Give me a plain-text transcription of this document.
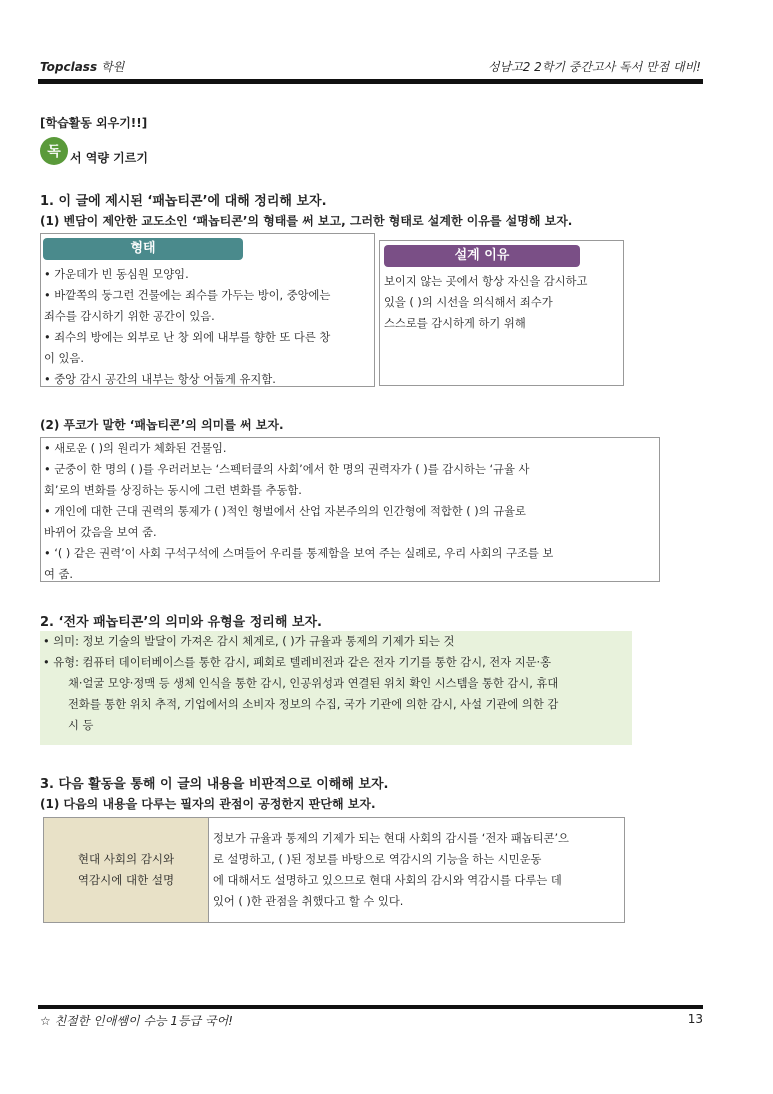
Topclass 학원	성남고2 2학기 중간고사 독서 만점 대비!
[학습활동 외우기!!]
독 서 역량 기르기
1. 이 글에 제시된 ‘패놉티콘’에 대해 정리해 보자.
(1) 벤담이 제안한 교도소인 ‘패놉티콘’의 형태를 써 보고, 그러한 형태로 설계한 이유를 설명해 보자.
형태
• 가운데가 빈 동심원 모양임.
• 바깥쪽의 둥그런 건물에는 죄수를 가두는 방이, 중앙에는
죄수를 감시하기 위한 공간이 있음.
• 죄수의 방에는 외부로 난 창 외에 내부를 향한 또 다른 창
이 있음.
• 중앙 감시 공간의 내부는 항상 어둡게 유지함.
설계 이유
보이지 않는 곳에서 항상 자신을 감시하고
있을 ( )의 시선을 의식해서 죄수가
스스로를 감시하게 하기 위해
(2) 푸코가 말한 ‘패놉티콘’의 의미를 써 보자.
• 새로운 ( )의 원리가 체화된 건물임.
• 군중이 한 명의 ( )를 우러러보는 ‘스펙터클의 사회’에서 한 명의 권력자가 ( )를 감시하는 ‘규율 사
회’로의 변화를 상징하는 동시에 그런 변화를 추동함.
• 개인에 대한 근대 권력의 통제가 ( )적인 형벌에서 산업 자본주의의 인간형에 적합한 ( )의 규율로
바뀌어 갔음을 보여 줌.
• ‘( ) 같은 권력’이 사회 구석구석에 스며들어 우리를 통제함을 보여 주는 실례로, 우리 사회의 구조를 보
여 줌.
2. ‘전자 패놉티콘’의 의미와 유형을 정리해 보자.
• 의미: 정보 기술의 발달이 가져온 감시 체계로, ( )가 규율과 통제의 기제가 되는 것
• 유형: 컴퓨터 데이터베이스를 통한 감시, 폐회로 텔레비전과 같은 전자 기기를 통한 감시, 전자 지문·홍
채·얼굴 모양·정맥 등 생체 인식을 통한 감시, 인공위성과 연결된 위치 확인 시스템을 통한 감시, 휴대
전화를 통한 위치 추적, 기업에서의 소비자 정보의 수집, 국가 기관에 의한 감시, 사설 기관에 의한 감
시 등
3. 다음 활동을 통해 이 글의 내용을 비판적으로 이해해 보자.
(1) 다음의 내용을 다루는 필자의 관점이 공정한지 판단해 보자.
현대 사회의 감시와
역감시에 대한 설명
정보가 규율과 통제의 기제가 되는 현대 사회의 감시를 ‘전자 패놉티콘’으
로 설명하고, ( )된 정보를 바탕으로 역감시의 기능을 하는 시민운동
에 대해서도 설명하고 있으므로 현대 사회의 감시와 역감시를 다루는 데
있어 ( )한 관점을 취했다고 할 수 있다.
☆ 친절한 인애쌤이 수능 1등급 국어!	13
